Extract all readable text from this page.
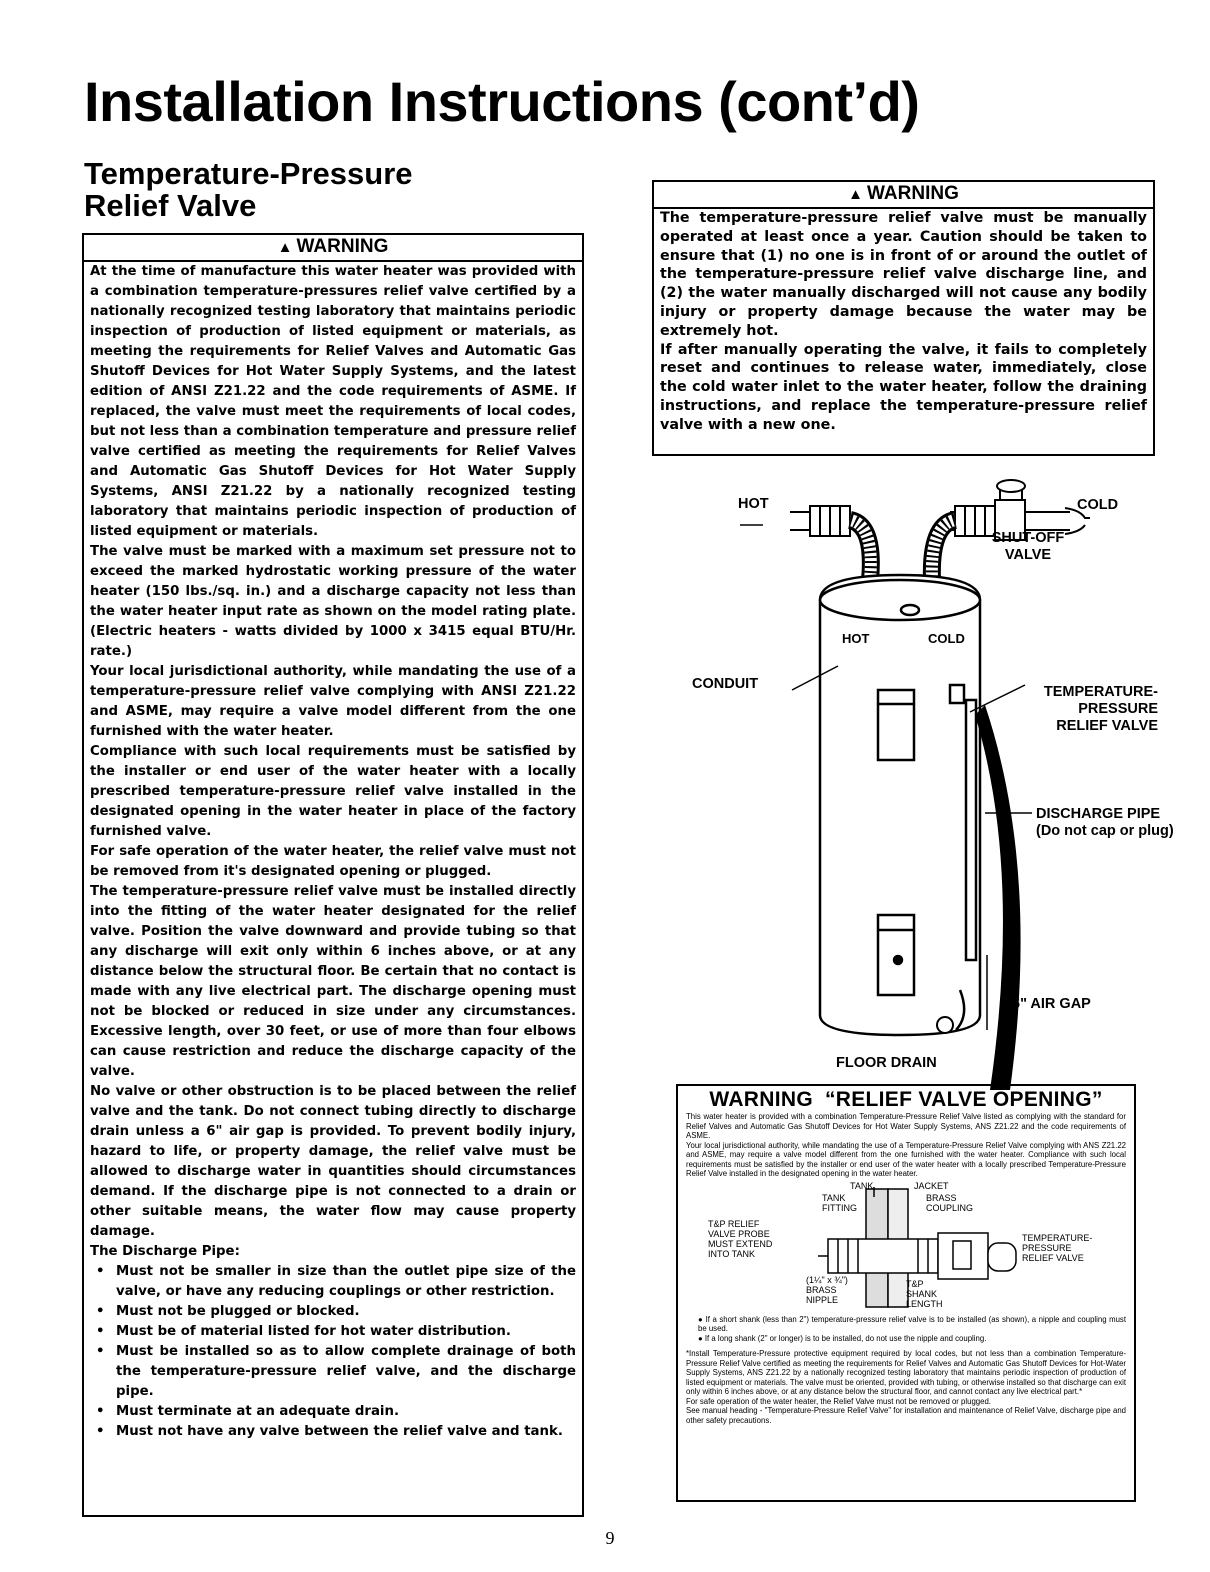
Installation Instructions (cont’d)
Temperature-Pressure
Relief Valve
▲ WARNING

At the time of manufacture this water heater was provided with a combination temperature-pressures relief valve certified by a nationally recognized testing laboratory that maintains periodic inspection of production of listed equipment or materials, as meeting the requirements for Relief Valves and Automatic Gas Shutoff Devices for Hot Water Supply Systems, and the latest edition of ANSI Z21.22 and the code requirements of ASME. If replaced, the valve must meet the requirements of local codes, but not less than a combination temperature and pressure relief valve certified as meeting the requirements for Relief Valves and Automatic Gas Shutoff Devices for Hot Water Supply Systems, ANSI Z21.22 by a nationally recognized testing laboratory that maintains periodic inspection of production of listed equipment or materials.

The valve must be marked with a maximum set pressure not to exceed the marked hydrostatic working pressure of the water heater (150 lbs./sq. in.) and a discharge capacity not less than the water heater input rate as shown on the model rating plate. (Electric heaters - watts divided by 1000 x 3415 equal BTU/Hr. rate.)

Your local jurisdictional authority, while mandating the use of a temperature-pressure relief valve complying with ANSI Z21.22 and ASME, may require a valve model different from the one furnished with the water heater.

Compliance with such local requirements must be satisfied by the installer or end user of the water heater with a locally prescribed temperature-pressure relief valve installed in the designated opening in the water heater in place of the factory furnished valve.

For safe operation of the water heater, the relief valve must not be removed from it's designated opening or plugged.

The temperature-pressure relief valve must be installed directly into the fitting of the water heater designated for the relief valve. Position the valve downward and provide tubing so that any discharge will exit only within 6 inches above, or at any distance below the structural floor. Be certain that no contact is made with any live electrical part. The discharge opening must not be blocked or reduced in size under any circumstances. Excessive length, over 30 feet, or use of more than four elbows can cause restriction and reduce the discharge capacity of the valve.

No valve or other obstruction is to be placed between the relief valve and the tank. Do not connect tubing directly to discharge drain unless a 6" air gap is provided. To prevent bodily injury, hazard to life, or property damage, the relief valve must be allowed to discharge water in quantities should circumstances demand. If the discharge pipe is not connected to a drain or other suitable means, the water flow may cause property damage.

The Discharge Pipe:

• Must not be smaller in size than the outlet pipe size of the valve, or have any reducing couplings or other restriction.
• Must not be plugged or blocked.
• Must be of material listed for hot water distribution.
• Must be installed so as to allow complete drainage of both the temperature-pressure relief valve, and the discharge pipe.
• Must terminate at an adequate drain.
• Must not have any valve between the relief valve and tank.
▲ WARNING

The temperature-pressure relief valve must be manually operated at least once a year. Caution should be taken to ensure that (1) no one is in front of or around the outlet of the temperature-pressure relief valve discharge line, and (2) the water manually discharged will not cause any bodily injury or property damage because the water may be extremely hot.

If after manually operating the valve, it fails to completely reset and continues to release water, immediately, close the cold water inlet to the water heater, follow the draining instructions, and replace the temperature-pressure relief valve with a new one.

HOT	COLD
SHUT-OFF
VALVE
HOT	COLD
CONDUIT	TEMPERATURE-
PRESSURE
RELIEF VALVE
DISCHARGE PIPE
(Do not cap or plug)
6" AIR GAP
FLOOR DRAIN
WARNING “RELIEF VALVE OPENING”

This water heater is provided with a combination Temperature-Pressure Relief Valve listed as complying with the standard for Relief Valves and Automatic Gas Shutoff Devices for Hot Water Supply Systems, ANS Z21.22 and the code requirements of ASME.

Your local jurisdictional authority, while mandating the use of a Temperature-Pressure Relief Valve complying with ANS Z21.22 and ASME, may require a valve model different from the one furnished with the water heater. Compliance with such local requirements must be satisfied by the installer or end user of the water heater with a locally prescribed Temperature-Pressure Relief Valve installed in the designated opening in the water heater.

TANK	JACKET
TANK
FITTING
BRASS
COUPLING
T&P RELIEF
VALVE PROBE
MUST EXTEND
INTO TANK
TEMPERATURE-
PRESSURE
RELIEF VALVE
(1¼" x ¾")
BRASS
NIPPLE
T&P
SHANK
LENGTH

● If a short shank (less than 2") temperature-pressure relief valve is to be installed (as shown), a nipple and coupling must be used.

● If a long shank (2" or longer) is to be installed, do not use the nipple and coupling.

*Install Temperature-Pressure protective equipment required by local codes, but not less than a combination Temperature-Pressure Relief Valve certified as meeting the requirements for Relief Valves and Automatic Gas Shutoff Devices for Hot-Water Supply Systems, ANS Z21.22 by a nationally recognized testing laboratory that maintains periodic inspection of production of listed equipment or materials. The valve must be oriented, provided with tubing, or otherwise installed so that discharge can exit only within 6 inches above, or at any distance below the structural floor, and cannot contact any live electrical part.*

For safe operation of the water heater, the Relief Valve must not be removed or plugged.

See manual heading - "Temperature-Pressure Relief Valve" for installation and maintenance of Relief Valve, discharge pipe and other safety precautions.

9
